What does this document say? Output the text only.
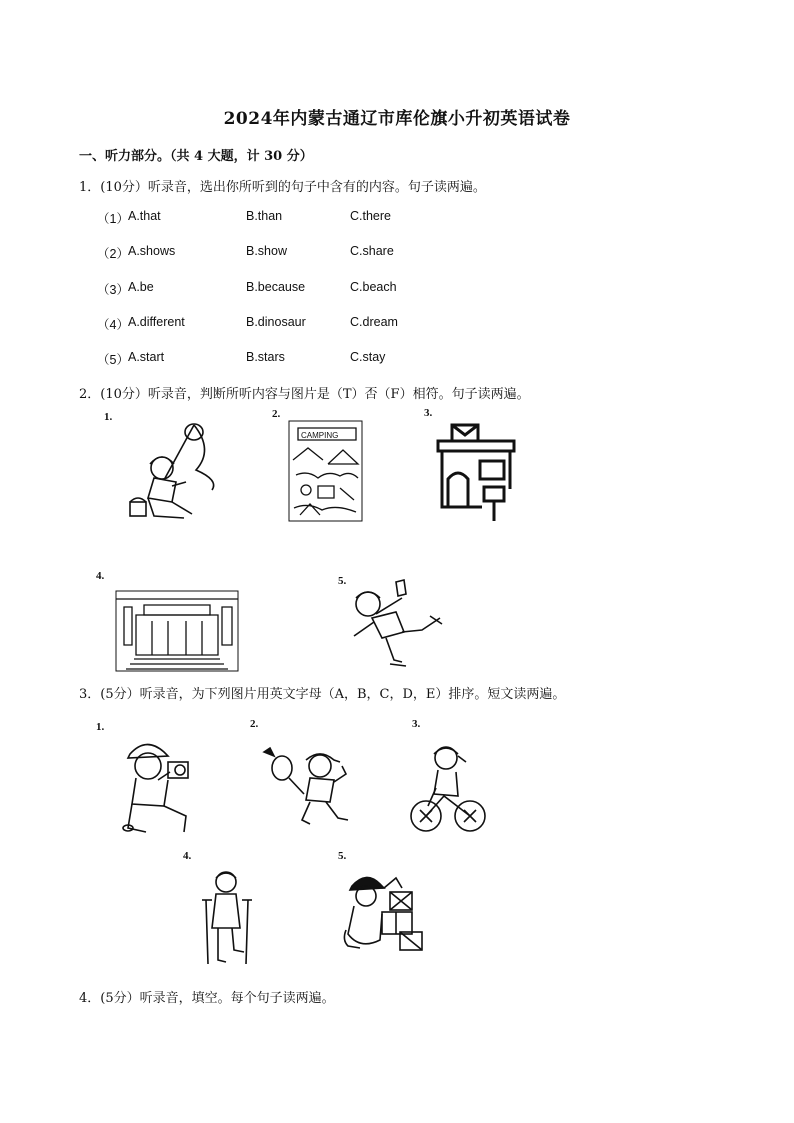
2024年内蒙古通辽市库伦旗小升初英语试卷
一、听力部分。（共 4 大题，计 30 分）
1．(10分）听录音，选出你所听到的句子中含有的内容。句子读两遍。
（1） A.that	B.than	C.there
（2） A.shows	B.show	C.share
（3） A.be	B.because	C.beach
（4） A.different	B.dinosaur	C.dream
（5） A.start	B.stars	C.stay
2．(10分）听录音，判断所听内容与图片是（T）否（F）相符。句子读两遍。
1.	2.
CAMPING
3.
4.	5.
3．(5分）听录音，为下列图片用英文字母（A，B，C，D，E）排序。短文读两遍。
1.	2.	3.
4.	5.
4．(5分）听录音，填空。每个句子读两遍。
